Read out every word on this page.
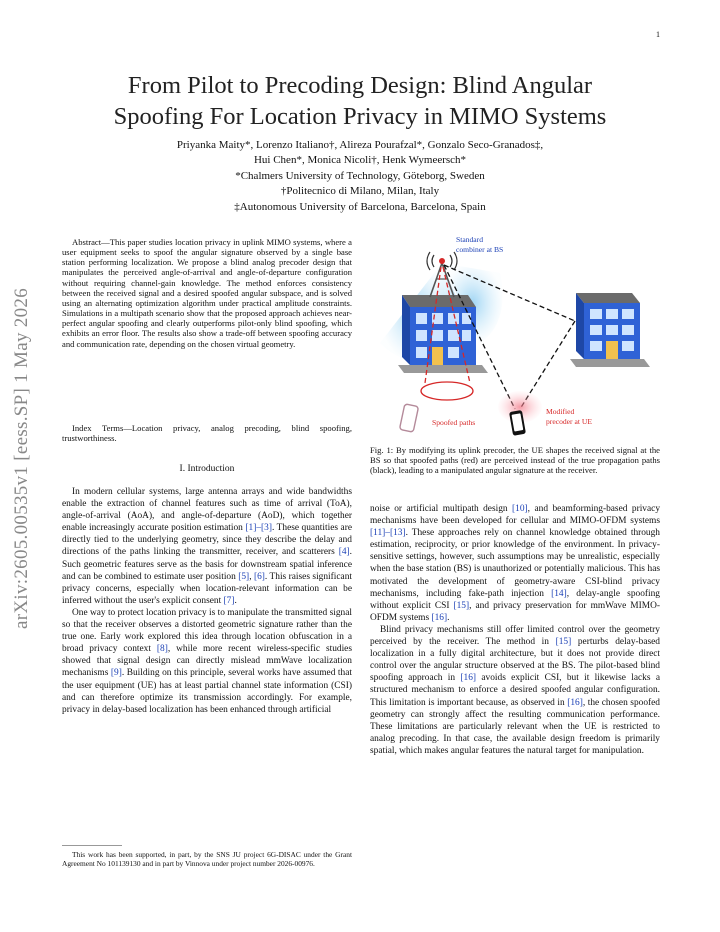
1
arXiv:2605.00535v1 [eess.SP] 1 May 2026
From Pilot to Precoding Design: Blind Angular
Spoofing For Location Privacy in MIMO Systems
Priyanka Maity*, Lorenzo Italiano†, Alireza Pourafzal*, Gonzalo Seco-Granados‡,
Hui Chen*, Monica Nicoli†, Henk Wymeersch*
*Chalmers University of Technology, Göteborg, Sweden
†Politecnico di Milano, Milan, Italy
‡Autonomous University of Barcelona, Barcelona, Spain
Abstract—This paper studies location privacy in uplink MIMO systems, where a user equipment seeks to spoof the angular signature observed by a single base station performing localization. We propose a blind analog precoder design that manipulates the perceived angle-of-arrival and angle-of-departure configuration without requiring channel-gain knowledge. The method enforces consistency between the received signal and a desired spoofed angular subspace, and is solved using an alternating optimization algorithm under practical amplitude constraints. Simulations in a multipath scenario show that the proposed approach achieves near-perfect angular spoofing and clearly outperforms pilot-only blind spoofing, which exhibits an error floor. The results also show a trade-off between spoofing accuracy and communication rate, depending on the chosen virtual geometry.
Index Terms—Location privacy, analog precoding, blind spoofing, trustworthiness.
I. Introduction

In modern cellular systems, large antenna arrays and wide bandwidths enable the extraction of channel features such as time of arrival (ToA), angle-of-arrival (AoA), and angle-of-departure (AoD), which together enable increasingly accurate position estimation [1]–[3]. These quantities are directly tied to the underlying geometry, since they describe the delay and directions of the paths linking the transmitter, receiver, and scatterers [4]. Such geometric features serve as the basis for downstream spatial inference and can be combined to estimate user position [5], [6]. This raises significant privacy concerns, especially when location-relevant information can be inferred without the user's explicit consent [7].

One way to protect location privacy is to manipulate the transmitted signal so that the receiver observes a distorted geometric signature rather than the true one. Early work explored this idea through location obfuscation in a broad privacy context [8], while more recent wireless-specific studies showed that signal design can directly mislead mmWave localization mechanisms [9]. Building on this principle, several works have assumed that the user equipment (UE) has at least partial channel state information (CSI) and can therefore optimize its transmission accordingly. For example, privacy in delay-based localization has been enhanced through artificial

This work has been supported, in part, by the SNS JU project 6G-DISAC under the Grant Agreement No 101139130 and in part by Vinnova under project number 2026-00976.
Standard
combiner at BS
Spoofed paths
Modified
precoder at UE
Fig. 1: By modifying its uplink precoder, the UE shapes the received signal at the BS so that spoofed paths (red) are perceived instead of the true propagation paths (black), leading to a manipulated angular signature at the receiver.

noise or artificial multipath design [10], and beamforming-based privacy mechanisms have been developed for cellular and MIMO-OFDM systems [11]–[13]. These approaches rely on channel knowledge obtained through estimation, reciprocity, or prior knowledge of the environment. In privacy-sensitive settings, however, such assumptions may be unrealistic, especially when the base station (BS) is unauthorized or potentially malicious. This has motivated the development of geometry-aware CSI-blind privacy mechanisms, including fake-path injection [14], delay-angle spoofing without explicit CSI [15], and privacy preservation for mmWave MIMO-OFDM systems [16].

Blind privacy mechanisms still offer limited control over the geometry perceived by the receiver. The method in [15] perturbs delay-based localization in a fully digital architecture, but it does not provide direct control over the angular structure observed at the BS. The pilot-based blind spoofing approach in [16] avoids explicit CSI, but it likewise lacks a structured mechanism to enforce a desired spoofed angular configuration. This limitation is important because, as observed in [16], the chosen spoofed geometry can strongly affect the resulting communication performance. These limitations are particularly relevant when the UE is restricted to analog precoding. In that case, the available design freedom is primarily spatial, which makes angular features the natural target for manipulation.
